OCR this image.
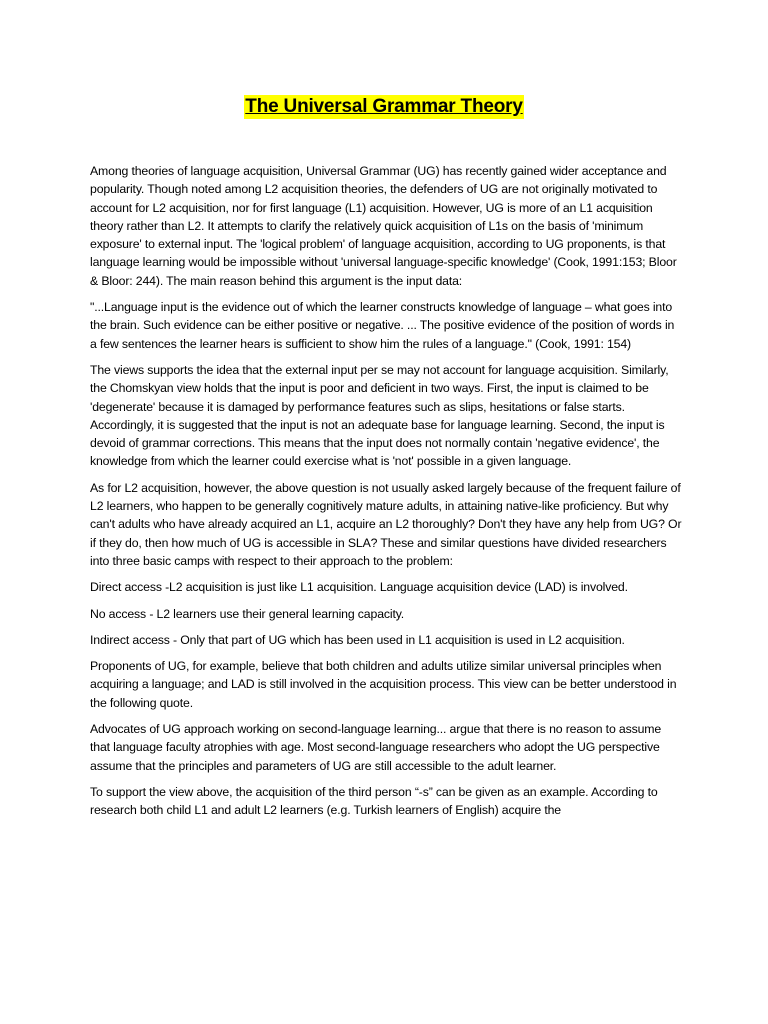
The Universal Grammar Theory

Among theories of language acquisition, Universal Grammar (UG) has recently gained wider acceptance and popularity. Though noted among L2 acquisition theories, the defenders of UG are not originally motivated to account for L2 acquisition, nor for first language (L1) acquisition. However, UG is more of an L1 acquisition theory rather than L2. It attempts to clarify the relatively quick acquisition of L1s on the basis of 'minimum exposure' to external input. The 'logical problem' of language acquisition, according to UG proponents, is that language learning would be impossible without 'universal language-specific knowledge' (Cook, 1991:153; Bloor & Bloor: 244). The main reason behind this argument is the input data:

"...Language input is the evidence out of which the learner constructs knowledge of language – what goes into the brain. Such evidence can be either positive or negative. ... The positive evidence of the position of words in a few sentences the learner hears is sufficient to show him the rules of a language." (Cook, 1991: 154)

The views supports the idea that the external input per se may not account for language acquisition. Similarly, the Chomskyan view holds that the input is poor and deficient in two ways. First, the input is claimed to be 'degenerate' because it is damaged by performance features such as slips, hesitations or false starts. Accordingly, it is suggested that the input is not an adequate base for language learning. Second, the input is devoid of grammar corrections. This means that the input does not normally contain 'negative evidence', the knowledge from which the learner could exercise what is 'not' possible in a given language.

As for L2 acquisition, however, the above question is not usually asked largely because of the frequent failure of L2 learners, who happen to be generally cognitively mature adults, in attaining native-like proficiency. But why can't adults who have already acquired an L1, acquire an L2 thoroughly? Don't they have any help from UG? Or if they do, then how much of UG is accessible in SLA? These and similar questions have divided researchers into three basic camps with respect to their approach to the problem:

Direct access -L2 acquisition is just like L1 acquisition. Language acquisition device (LAD) is involved.

No access - L2 learners use their general learning capacity.

Indirect access - Only that part of UG which has been used in L1 acquisition is used in L2 acquisition.

Proponents of UG, for example, believe that both children and adults utilize similar universal principles when acquiring a language; and LAD is still involved in the acquisition process. This view can be better understood in the following quote.

Advocates of UG approach working on second-language learning... argue that there is no reason to assume that language faculty atrophies with age. Most second-language researchers who adopt the UG perspective assume that the principles and parameters of UG are still accessible to the adult learner.

To support the view above, the acquisition of the third person “-s” can be given as an example. According to research both child L1 and adult L2 learners (e.g. Turkish learners of English) acquire the
